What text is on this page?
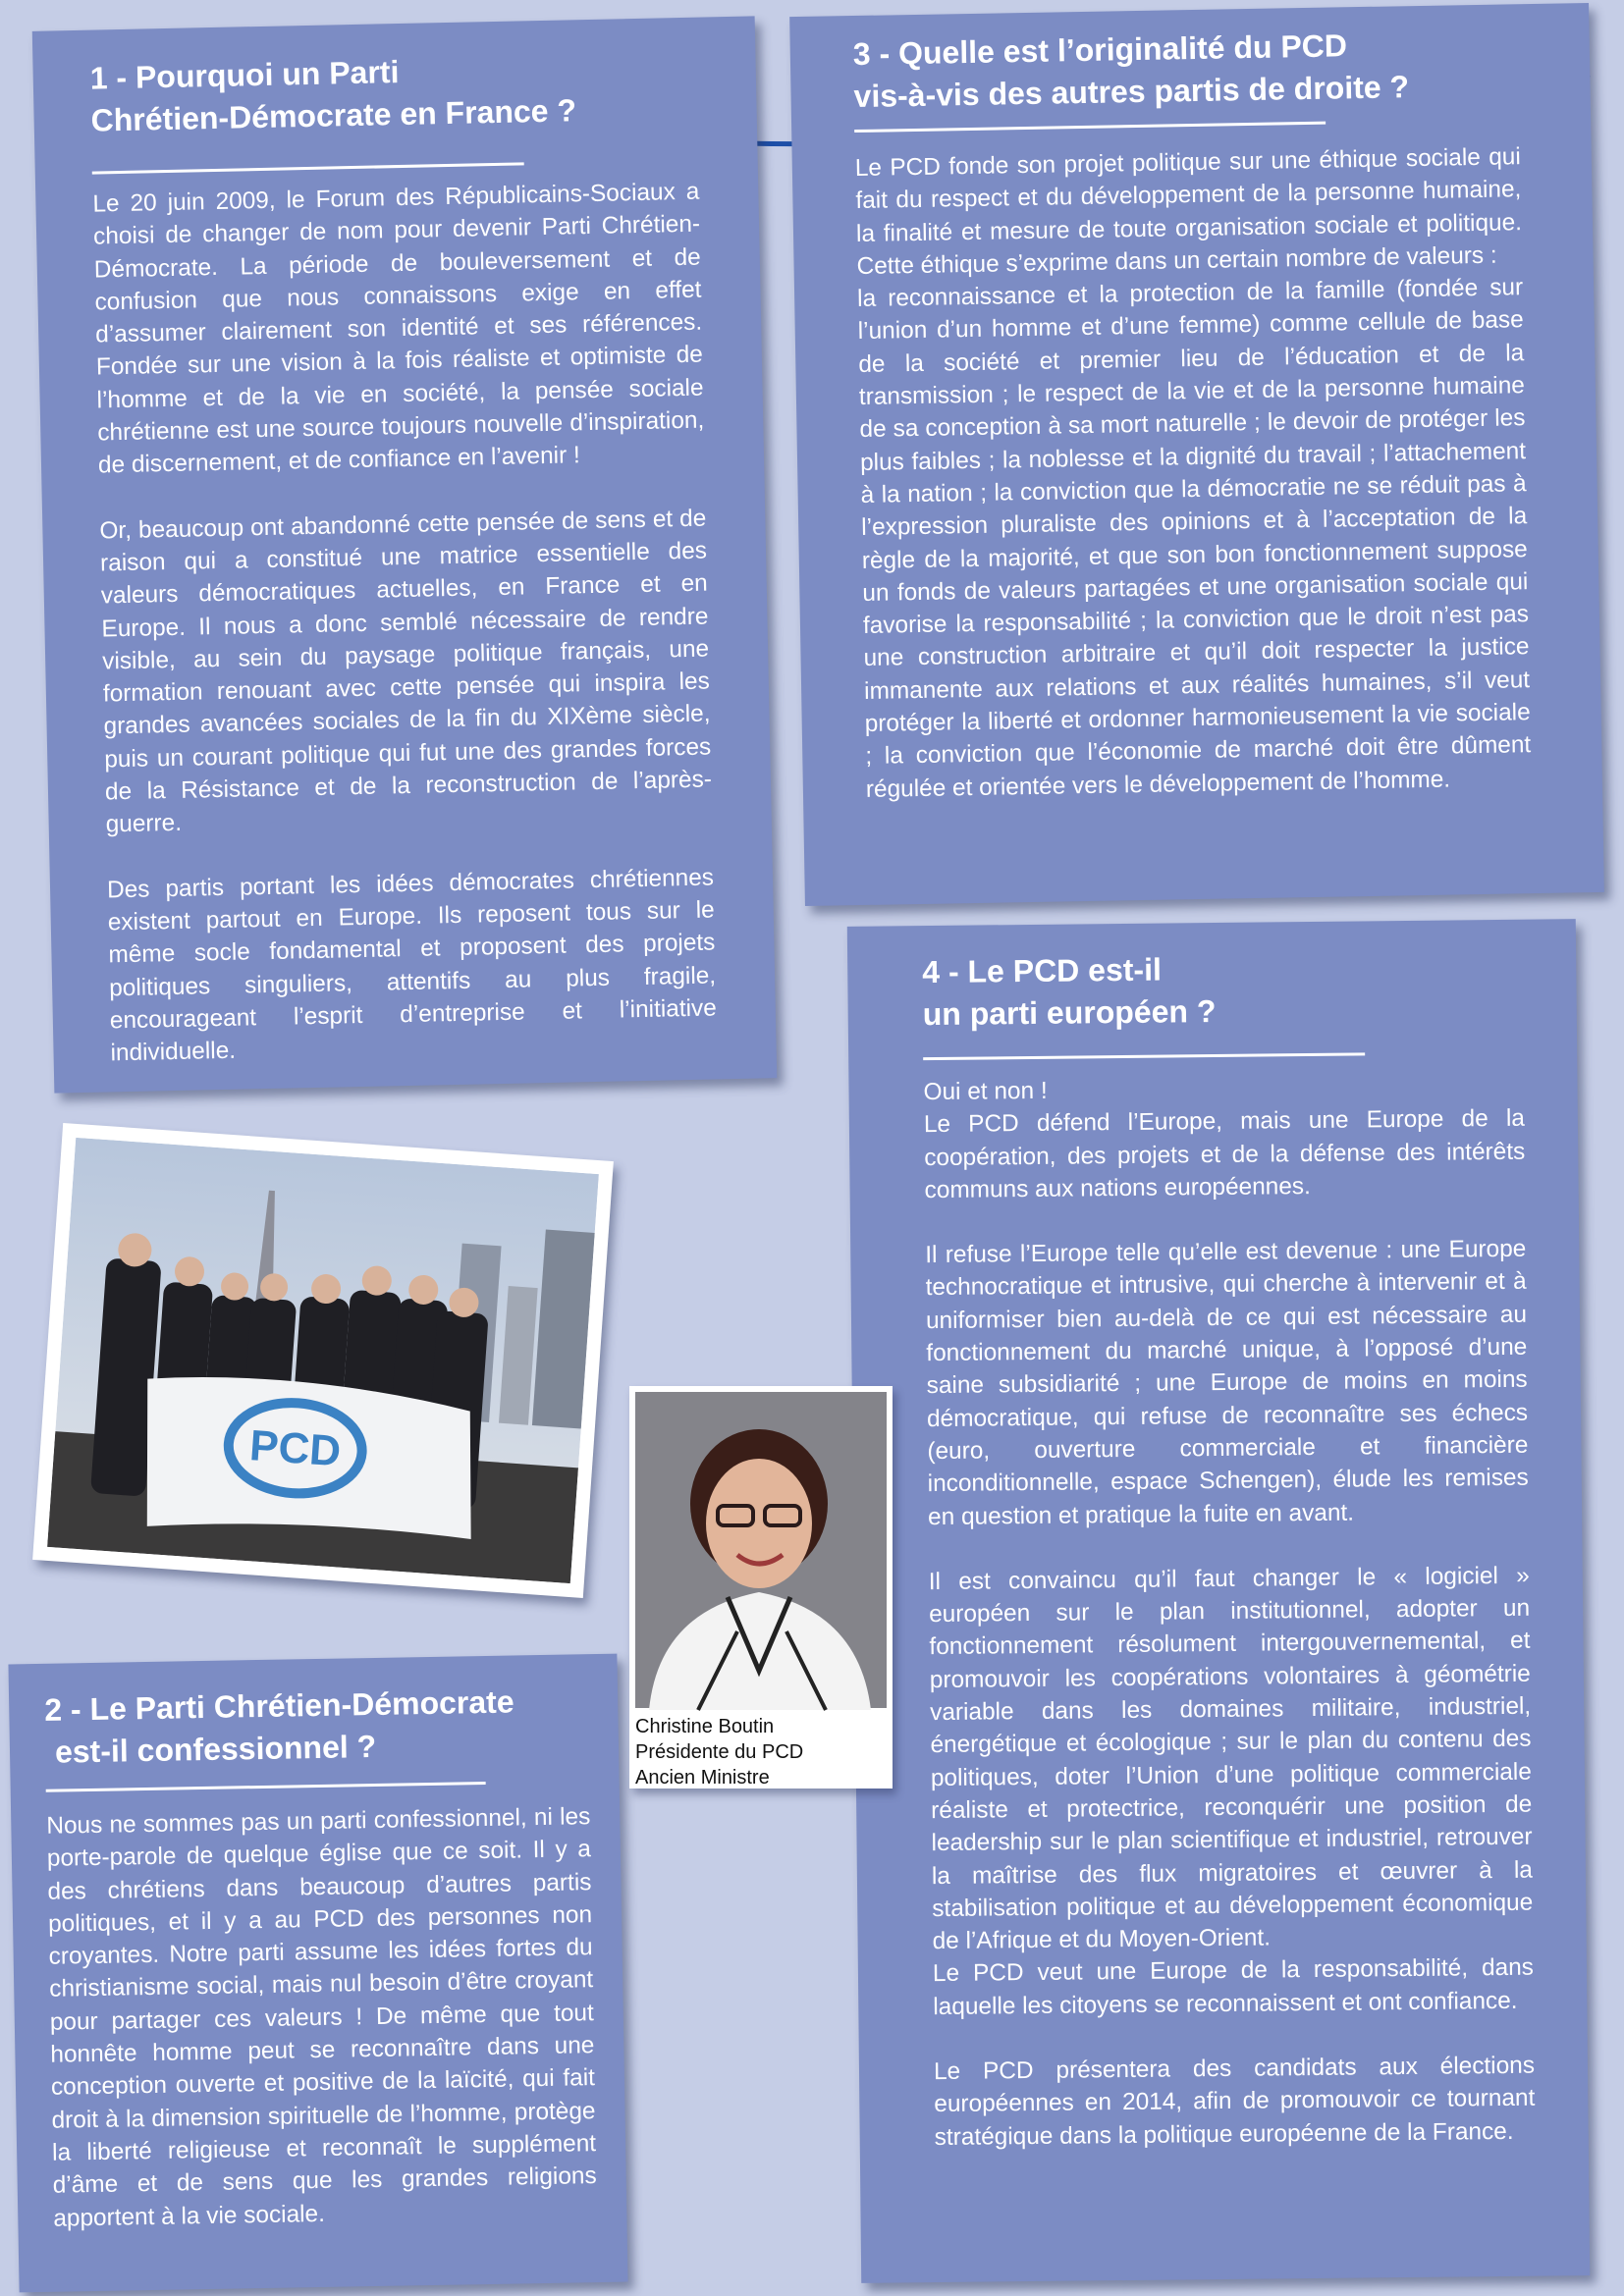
1 - Pourquoi un Parti
Chrétien-Démocrate en France ?

Le 20 juin 2009, le Forum des Républicains-Sociaux a choisi de changer de nom pour devenir Parti Chrétien-Démocrate. La période de bouleversement et de confusion que nous connaissons exige en effet d’assumer clairement son identité et ses références. Fondée sur une vision à la fois réaliste et optimiste de l’homme et de la vie en société, la pensée sociale chrétienne est une source toujours nouvelle d’inspiration, de discernement, et de confiance en l’avenir !

Or, beaucoup ont abandonné cette pensée de sens et de raison qui a constitué une matrice essentielle des valeurs démocratiques actuelles, en France et en Europe. Il nous a donc semblé nécessaire de rendre visible, au sein du paysage politique français, une formation renouant avec cette pensée qui inspira les grandes avancées sociales de la fin du XIXème siècle, puis un courant politique qui fut une des grandes forces de la Résistance et de la reconstruction de l’après-guerre.

Des partis portant les idées démocrates chrétiennes existent partout en Europe. Ils reposent tous sur le même socle fondamental et proposent des projets politiques singuliers, attentifs au plus fragile, encourageant l’esprit d’entreprise et l’initiative individuelle.

3 - Quelle est l’originalité du PCD
vis-à-vis des autres partis de droite ?

Le PCD fonde son projet politique sur une éthique sociale qui fait du respect et du développement de la personne humaine, la finalité et mesure de toute organisation sociale et politique. Cette éthique s’exprime dans un certain nombre de valeurs :

la reconnaissance et la protection de la famille (fondée sur l’union d’un homme et d’une femme) comme cellule de base de la société et premier lieu de l’éducation et de la transmission ; le respect de la vie et de la personne humaine de sa conception à sa mort naturelle ; le devoir de protéger les plus faibles ; la noblesse et la dignité du travail ; l’attachement à la nation ; la conviction que la démocratie ne se réduit pas à l’expression pluraliste des opinions et à l’acceptation de la règle de la majorité, et que son bon fonctionnement suppose un fonds de valeurs partagées et une organisation sociale qui favorise la responsabilité ; la conviction que le droit n’est pas une construction arbitraire et qu’il doit respecter la justice immanente aux relations et aux réalités humaines, s’il veut protéger la liberté et ordonner harmonieusement la vie sociale ; la conviction que l’économie de marché doit être dûment régulée et orientée vers le développement de l’homme.

4 - Le PCD est-il
un parti européen ?

Oui et non !

Le PCD défend l’Europe, mais une Europe de la coopération, des projets et de la défense des intérêts communs aux nations européennes.

Il refuse l’Europe telle qu’elle est devenue : une Europe technocratique et intrusive, qui cherche à intervenir et à uniformiser bien au-delà de ce qui est nécessaire au fonctionnement du marché unique, à l’opposé d’une saine subsidiarité ; une Europe de moins en moins démocratique, qui refuse de reconnaître ses échecs (euro, ouverture commerciale et financière inconditionnelle, espace Schengen), élude les remises en question et pratique la fuite en avant.

Il est convaincu qu’il faut changer le « logiciel » européen sur le plan institutionnel, adopter un fonctionnement résolument intergouvernemental, et promouvoir les coopérations volontaires à géométrie variable dans les domaines militaire, industriel, énergétique et écologique ; sur le plan du contenu des politiques, doter l’Union d’une politique commerciale réaliste et protectrice, reconquérir une position de leadership sur le plan scientifique et industriel, retrouver la maîtrise des flux migratoires et œuvrer à la stabilisation politique et au développement économique de l’Afrique et du Moyen-Orient.

Le PCD veut une Europe de la responsabilité, dans laquelle les citoyens se reconnaissent et ont confiance.

Le PCD présentera des candidats aux élections européennes en 2014, afin de promouvoir ce tournant stratégique dans la politique européenne de la France.

2 - Le Parti Chrétien-Démocrate
est-il confessionnel ?

Nous ne sommes pas un parti confessionnel, ni les porte-parole de quelque église que ce soit. Il y a des chrétiens dans beaucoup d’autres partis politiques, et il y a au PCD des personnes non croyantes. Notre parti assume les idées fortes du christianisme social, mais nul besoin d’être croyant pour partager ces valeurs ! De même que tout honnête homme peut se reconnaître dans une conception ouverte et positive de la laïcité, qui fait droit à la dimension spirituelle de l’homme, protège la liberté religieuse et reconnaît le supplément d’âme et de sens que les grandes religions apportent à la vie sociale.

PCD
Christine Boutin
Présidente du PCD
Ancien Ministre
